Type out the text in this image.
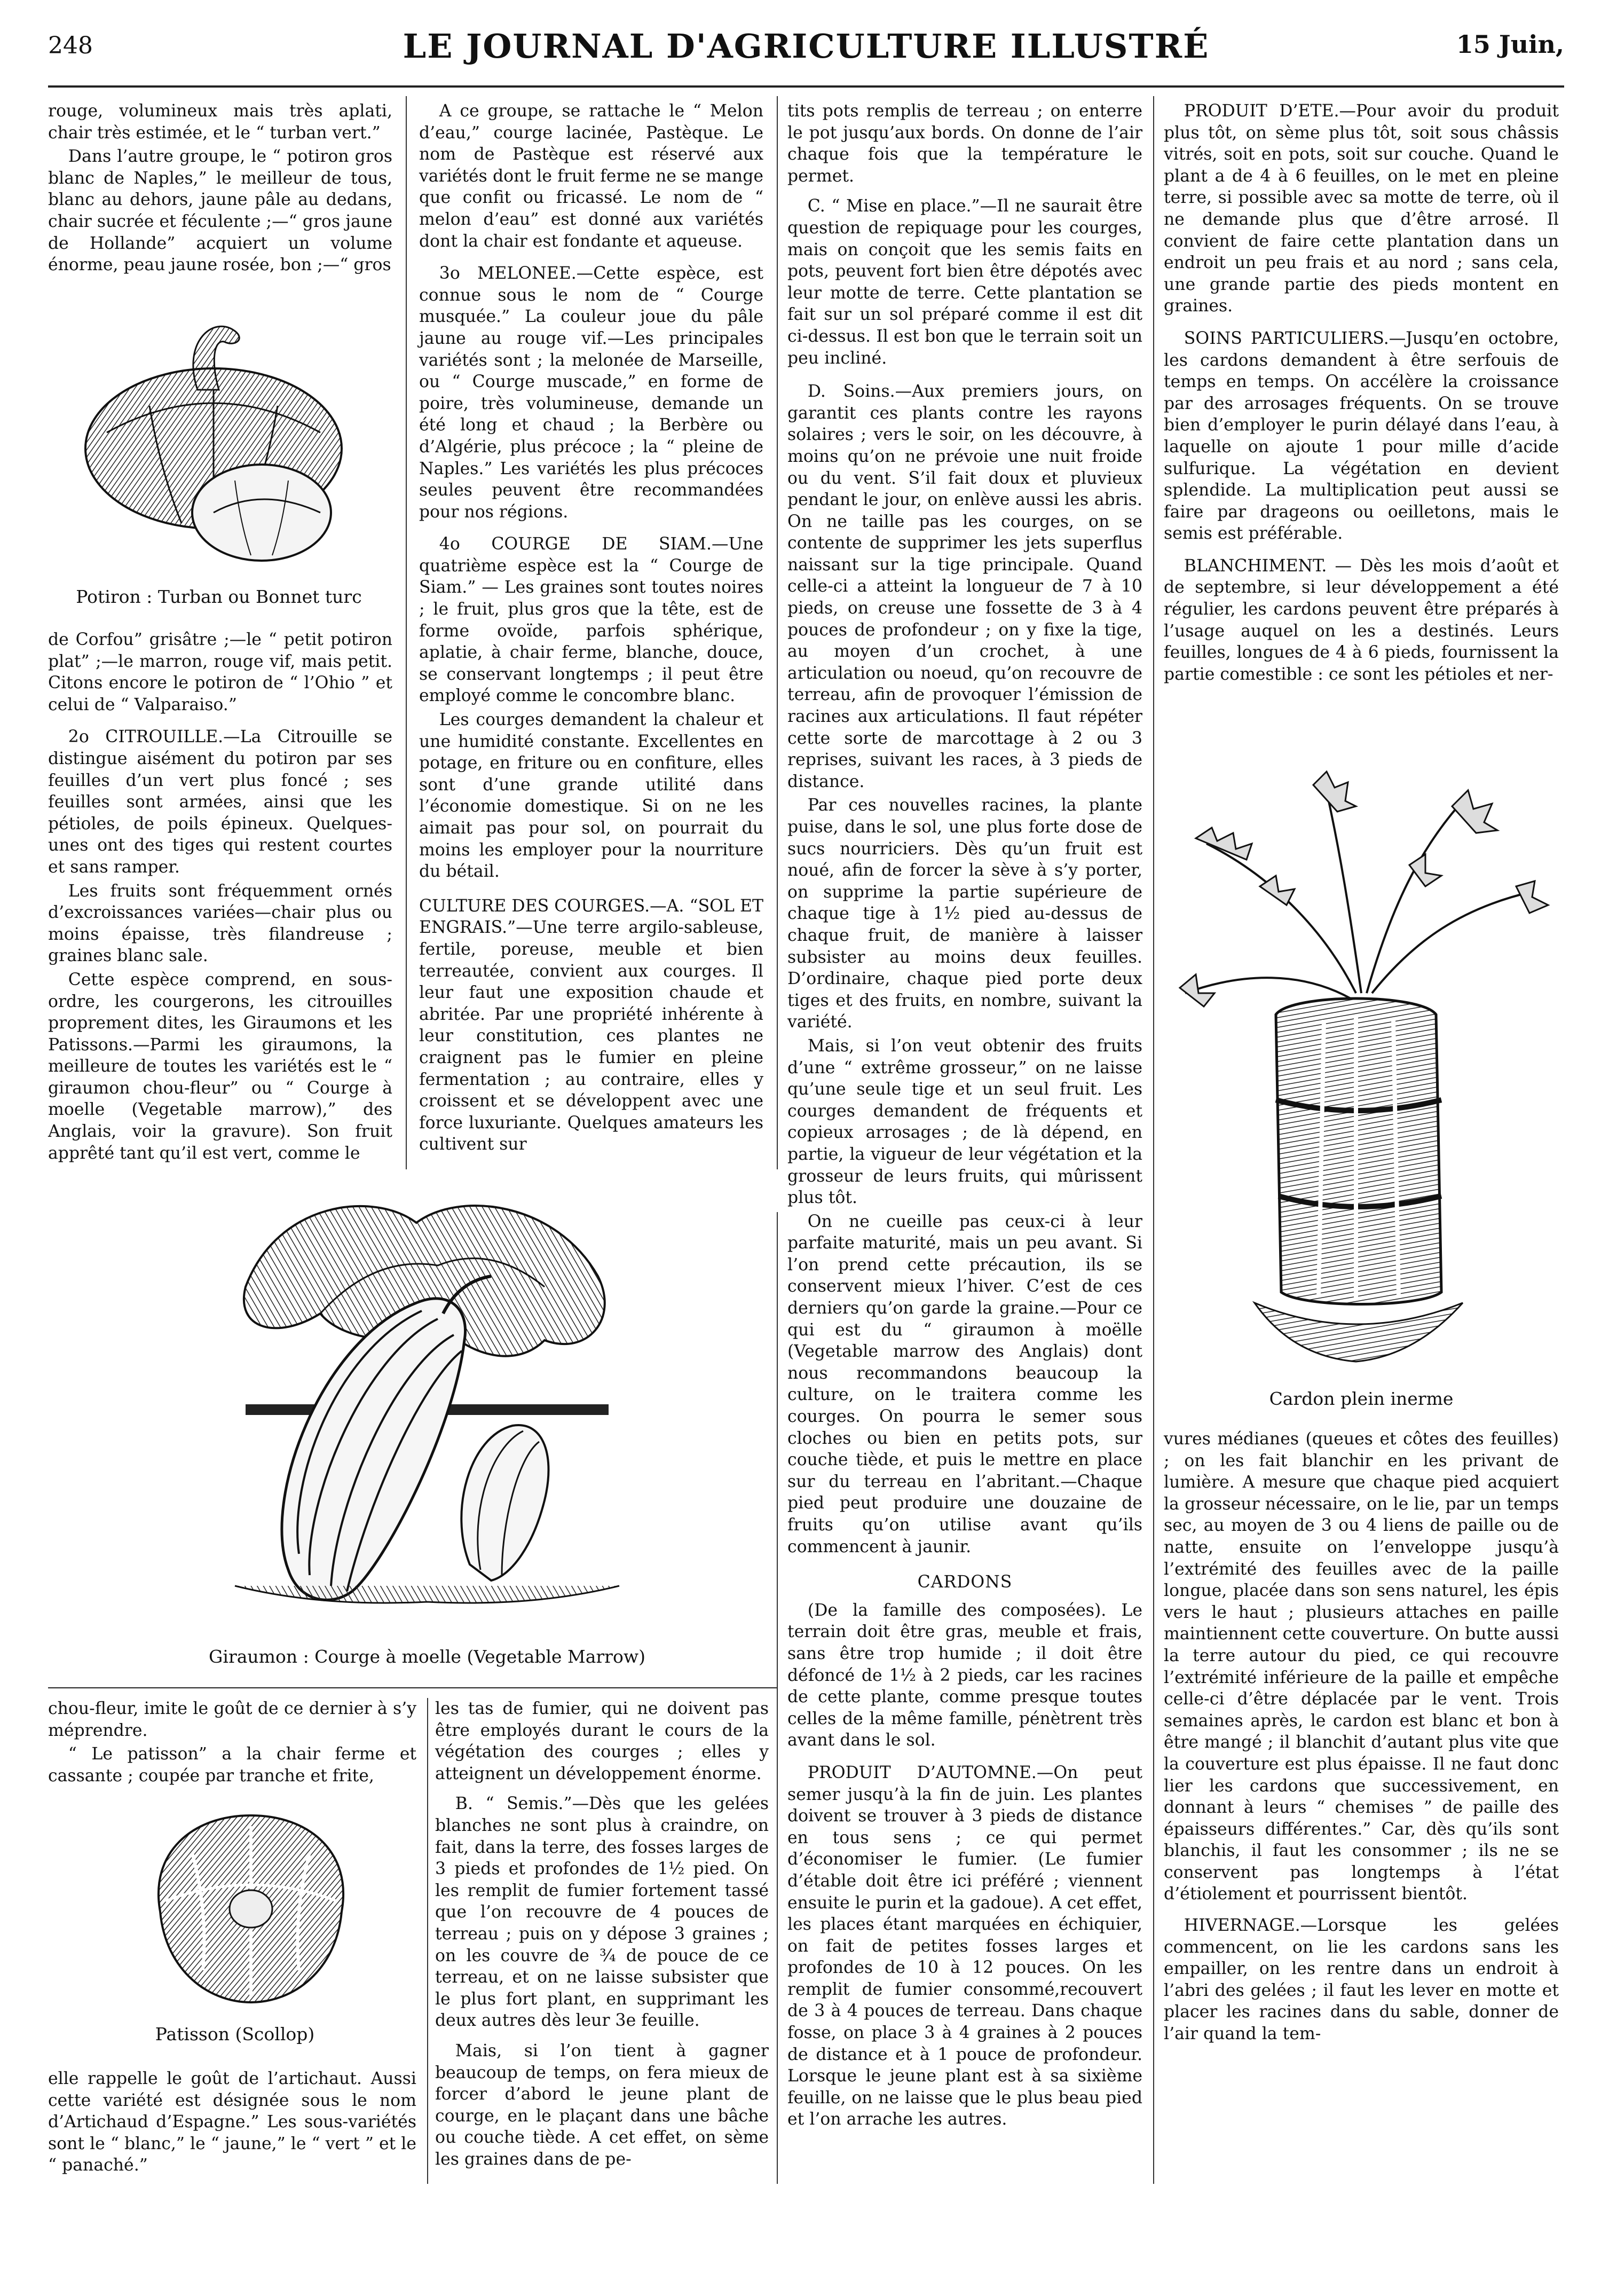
248	LE JOURNAL D'AGRICULTURE ILLUSTRÉ	15 Juin,

rouge, volumineux mais très aplati, chair très estimée, et le “ turban vert.”

Dans l’autre groupe, le “ potiron gros blanc de Naples,” le meilleur de tous, blanc au dehors, jaune pâle au dedans, chair sucrée et féculente ;—“ gros jaune de Hollande” acquiert un volume énorme, peau jaune rosée, bon ;—“ gros

Potiron : Turban ou Bonnet turc

de Corfou” grisâtre ;—le “ petit potiron plat” ;—le marron, rouge vif, mais petit. Citons encore le potiron de “ l’Ohio ” et celui de “ Valparaiso.”

2o CITROUILLE.—La Citrouille se distingue aisément du potiron par ses feuilles d’un vert plus foncé ; ses feuilles sont armées, ainsi que les pétioles, de poils épineux. Quelques-unes ont des tiges qui restent courtes et sans ramper.

Les fruits sont fréquemment ornés d’excroissances variées—chair plus ou moins épaisse, très filandreuse ; graines blanc sale.

Cette espèce comprend, en sous-ordre, les courgerons, les citrouilles proprement dites, les Giraumons et les Patissons.—Parmi les giraumons, la meilleure de toutes les variétés est le “ giraumon chou-fleur” ou “ Courge à moelle (Vegetable marrow),” des Anglais, voir la gravure). Son fruit apprêté tant qu’il est vert, comme le

A ce groupe, se rattache le “ Melon d’eau,” courge lacinée, Pastèque. Le nom de Pastèque est réservé aux variétés dont le fruit ferme ne se mange que confit ou fricassé. Le nom de “ melon d’eau” est donné aux variétés dont la chair est fondante et aqueuse.

3o MELONEE.—Cette espèce, est connue sous le nom de “ Courge musquée.” La couleur joue du pâle jaune au rouge vif.—Les principales variétés sont ; la melonée de Marseille, ou “ Courge muscade,” en forme de poire, très volumineuse, demande un été long et chaud ; la Berbère ou d’Algérie, plus précoce ; la “ pleine de Naples.” Les variétés les plus précoces seules peuvent être recommandées pour nos régions.

4o COURGE DE SIAM.—Une quatrième espèce est la “ Courge de Siam.” — Les graines sont toutes noires ; le fruit, plus gros que la tête, est de forme ovoïde, parfois sphérique, aplatie, à chair ferme, blanche, douce, se conservant longtemps ; il peut être employé comme le concombre blanc.

Les courges demandent la chaleur et une humidité constante. Excellentes en potage, en friture ou en confiture, elles sont d’une grande utilité dans l’économie domestique. Si on ne les aimait pas pour sol, on pourrait du moins les employer pour la nourriture du bétail.

CULTURE DES COURGES.—A. “SOL ET ENGRAIS.”—Une terre argilo-sableuse, fertile, poreuse, meuble et bien terreautée, convient aux courges. Il leur faut une exposition chaude et abritée. Par une propriété inhérente à leur constitution, ces plantes ne craignent pas le fumier en pleine fermentation ; au contraire, elles y croissent et se développent avec une force luxuriante. Quelques amateurs les cultivent sur

Giraumon : Courge à moelle (Vegetable Marrow)

chou-fleur, imite le goût de ce dernier à s’y méprendre.

“ Le patisson” a la chair ferme et cassante ; coupée par tranche et frite,

Patisson (Scollop)

elle rappelle le goût de l’artichaut. Aussi cette variété est désignée sous le nom d’Artichaud d’Espagne.” Les sous-variétés sont le “ blanc,” le “ jaune,” le “ vert ” et le “ panaché.”

les tas de fumier, qui ne doivent pas être employés durant le cours de la végétation des courges ; elles y atteignent un développement énorme.

B. “ Semis.”—Dès que les gelées blanches ne sont plus à craindre, on fait, dans la terre, des fosses larges de 3 pieds et profondes de 1½ pied. On les remplit de fumier fortement tassé que l’on recouvre de 4 pouces de terreau ; puis on y dépose 3 graines ; on les couvre de ¾ de pouce de ce terreau, et on ne laisse subsister que le plus fort plant, en supprimant les deux autres dès leur 3e feuille.

Mais, si l’on tient à gagner beaucoup de temps, on fera mieux de forcer d’abord le jeune plant de courge, en le plaçant dans une bâche ou couche tiède. A cet effet, on sème les graines dans de pe-

tits pots remplis de terreau ; on enterre le pot jusqu’aux bords. On donne de l’air chaque fois que la température le permet.

C. “ Mise en place.”—Il ne saurait être question de repiquage pour les courges, mais on conçoit que les semis faits en pots, peuvent fort bien être dépotés avec leur motte de terre. Cette plantation se fait sur un sol préparé comme il est dit ci-dessus. Il est bon que le terrain soit un peu incliné.

D. Soins.—Aux premiers jours, on garantit ces plants contre les rayons solaires ; vers le soir, on les découvre, à moins qu’on ne prévoie une nuit froide ou du vent. S’il fait doux et pluvieux pendant le jour, on enlève aussi les abris. On ne taille pas les courges, on se contente de supprimer les jets superflus naissant sur la tige principale. Quand celle-ci a atteint la longueur de 7 à 10 pieds, on creuse une fossette de 3 à 4 pouces de profondeur ; on y fixe la tige, au moyen d’un crochet, à une articulation ou noeud, qu’on recouvre de terreau, afin de provoquer l’émission de racines aux articulations. Il faut répéter cette sorte de marcottage à 2 ou 3 reprises, suivant les races, à 3 pieds de distance.

Par ces nouvelles racines, la plante puise, dans le sol, une plus forte dose de sucs nourriciers. Dès qu’un fruit est noué, afin de forcer la sève à s’y porter, on supprime la partie supérieure de chaque tige à 1½ pied au-dessus de chaque fruit, de manière à laisser subsister au moins deux feuilles. D’ordinaire, chaque pied porte deux tiges et des fruits, en nombre, suivant la variété.

Mais, si l’on veut obtenir des fruits d’une “ extrême grosseur,” on ne laisse qu’une seule tige et un seul fruit. Les courges demandent de fréquents et copieux arrosages ; de là dépend, en partie, la vigueur de leur végétation et la grosseur de leurs fruits, qui mûrissent plus tôt.

On ne cueille pas ceux-ci à leur parfaite maturité, mais un peu avant. Si l’on prend cette précaution, ils se conservent mieux l’hiver. C’est de ces derniers qu’on garde la graine.—Pour ce qui est du “ giraumon à moëlle (Vegetable marrow des Anglais) dont nous recommandons beaucoup la culture, on le traitera comme les courges. On pourra le semer sous cloches ou bien en petits pots, sur couche tiède, et puis le mettre en place sur du terreau en l’abritant.—Chaque pied peut produire une douzaine de fruits qu’on utilise avant qu’ils commencent à jaunir.

CARDONS

(De la famille des composées). Le terrain doit être gras, meuble et frais, sans être trop humide ; il doit être défoncé de 1½ à 2 pieds, car les racines de cette plante, comme presque toutes celles de la même famille, pénètrent très avant dans le sol.

PRODUIT D’AUTOMNE.—On peut semer jusqu’à la fin de juin. Les plantes doivent se trouver à 3 pieds de distance en tous sens ; ce qui permet d’économiser le fumier. (Le fumier d’étable doit être ici préféré ; viennent ensuite le purin et la gadoue). A cet effet, les places étant marquées en échiquier, on fait de petites fosses larges et profondes de 10 à 12 pouces. On les remplit de fumier consommé,recouvert de 3 à 4 pouces de terreau. Dans chaque fosse, on place 3 à 4 graines à 2 pouces de distance et à 1 pouce de profondeur. Lorsque le jeune plant est à sa sixième feuille, on ne laisse que le plus beau pied et l’on arrache les autres.

PRODUIT D’ETE.—Pour avoir du produit plus tôt, on sème plus tôt, soit sous châssis vitrés, soit en pots, soit sur couche. Quand le plant a de 4 à 6 feuilles, on le met en pleine terre, si possible avec sa motte de terre, où il ne demande plus que d’être arrosé. Il convient de faire cette plantation dans un endroit un peu frais et au nord ; sans cela, une grande partie des pieds montent en graines.

SOINS PARTICULIERS.—Jusqu’en octobre, les cardons demandent à être serfouis de temps en temps. On accélère la croissance par des arrosages fréquents. On se trouve bien d’employer le purin délayé dans l’eau, à laquelle on ajoute 1 pour mille d’acide sulfurique. La végétation en devient splendide. La multiplication peut aussi se faire par drageons ou oeilletons, mais le semis est préférable.

BLANCHIMENT. — Dès les mois d’août et de septembre, si leur développement a été régulier, les cardons peuvent être préparés à l’usage auquel on les a destinés. Leurs feuilles, longues de 4 à 6 pieds, fournissent la partie comestible : ce sont les pétioles et ner-

Cardon plein inerme

vures médianes (queues et côtes des feuilles) ; on les fait blanchir en les privant de lumière. A mesure que chaque pied acquiert la grosseur nécessaire, on le lie, par un temps sec, au moyen de 3 ou 4 liens de paille ou de natte, ensuite on l’enveloppe jusqu’à l’extrémité des feuilles avec de la paille longue, placée dans son sens naturel, les épis vers le haut ; plusieurs attaches en paille maintiennent cette couverture. On butte aussi la terre autour du pied, ce qui recouvre l’extrémité inférieure de la paille et empêche celle-ci d’être déplacée par le vent. Trois semaines après, le cardon est blanc et bon à être mangé ; il blanchit d’autant plus vite que la couverture est plus épaisse. Il ne faut donc lier les cardons que successivement, en donnant à leurs “ chemises ” de paille des épaisseurs différentes.” Car, dès qu’ils sont blanchis, il faut les consommer ; ils ne se conservent pas longtemps à l’état d’étiolement et pourrissent bientôt.

HIVERNAGE.—Lorsque les gelées commencent, on lie les cardons sans les empailler, on les rentre dans un endroit à l’abri des gelées ; il faut les lever en motte et placer les racines dans du sable, donner de l’air quand la tem-
